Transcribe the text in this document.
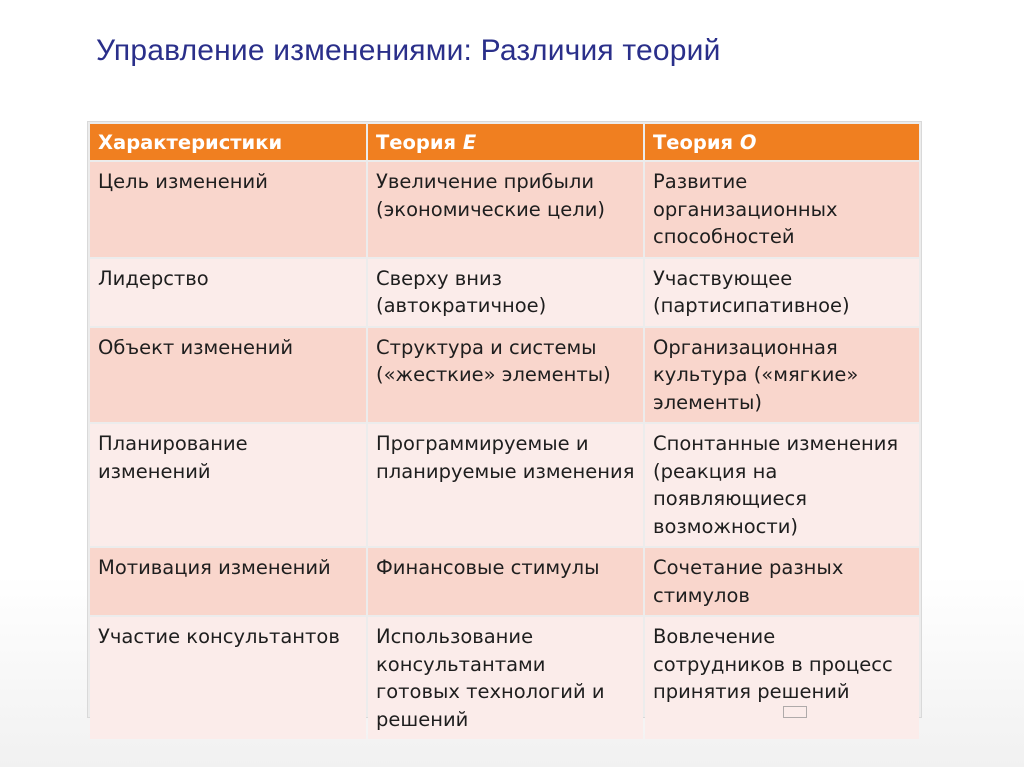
Управление изменениями: Различия теорий
Характеристики	Теория E	Теория O
Цель изменений	Увеличение прибыли (экономические цели)	Развитие организационных способностей
Лидерство	Сверху вниз (автократичное)	Участвующее (партисипативное)
Объект изменений	Структура и системы («жесткие» элементы)	Организационная культура («мягкие» элементы)
Планирование изменений	Программируемые и планируемые изменения	Спонтанные изменения (реакция на появляющиеся возможности)
Мотивация изменений	Финансовые стимулы	Сочетание разных стимулов
Участие консультантов	Использование консультантами готовых технологий и решений	Вовлечение сотрудников в процесс принятия решений
